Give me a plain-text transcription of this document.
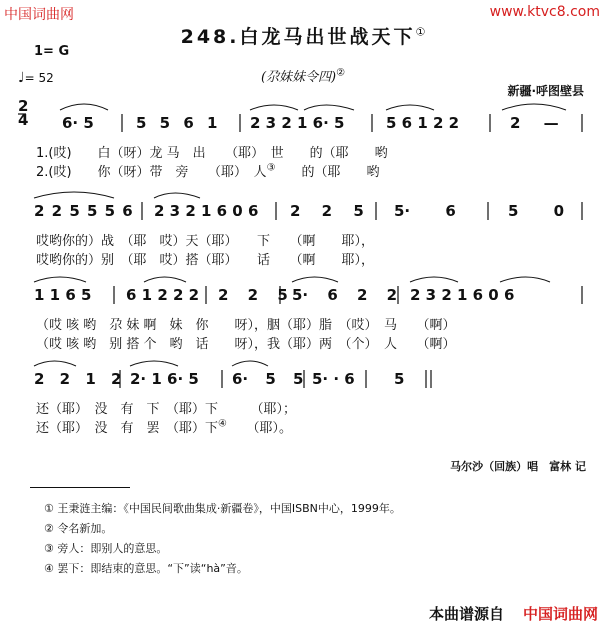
中国词曲网	www.ktvc8.com
248.白龙马出世战天下①
1= G
♩= 52	(尕妹妹令四)②
新疆·呼图壁县
2
4 6· 5	5 5 6 1 2 3 2 1 6· 5	5 6 1 2 2	2 —
1.(哎)　　白（呀）龙 马　出　　（耶）　世　　的（耶　　哟
2.(哎)　　你（呀）带　旁　　（耶）　人③　　的（耶　　哟
2 2 5 5 5 6 2 3 2 1 6 0 6 2 2 5 5· 6	5 0
哎哟你的）战　（耶　哎）天（耶）　　下　　（啊　　耶），
哎哟你的）别　（耶　哎）搭（耶）　　话　　（啊　　耶），
1 1 6 5 6 1 2 2 2 2 2 5 5· 6 2 2 2 3 2 1 6 0 6
（哎 咳 哟　尕 妹 啊　妹　你　　呀），胭（耶）脂　（哎）　马　　（啊）
（哎 咳 哟　别 搭 个　哟　话　　呀），我（耶）两　（个）　人　　（啊）
2 2 1 2 2· 1 6· 5 6· 5 5 5· · 6	5
还（耶）　没　有　下　（耶）下　　　（耶）；
还（耶）　没　有　罢　（耶）下④　　（耶）。
马尔沙（回族）唱　富林 记
① 王秉涟主编：《中国民间歌曲集成·新疆卷》，中国ISBN中心，1999年。
② 令名新加。
③ 旁人：即别人的意思。
④ 罢下：即结束的意思。“下”读“hà”音。
本曲谱源自 中国词曲网
